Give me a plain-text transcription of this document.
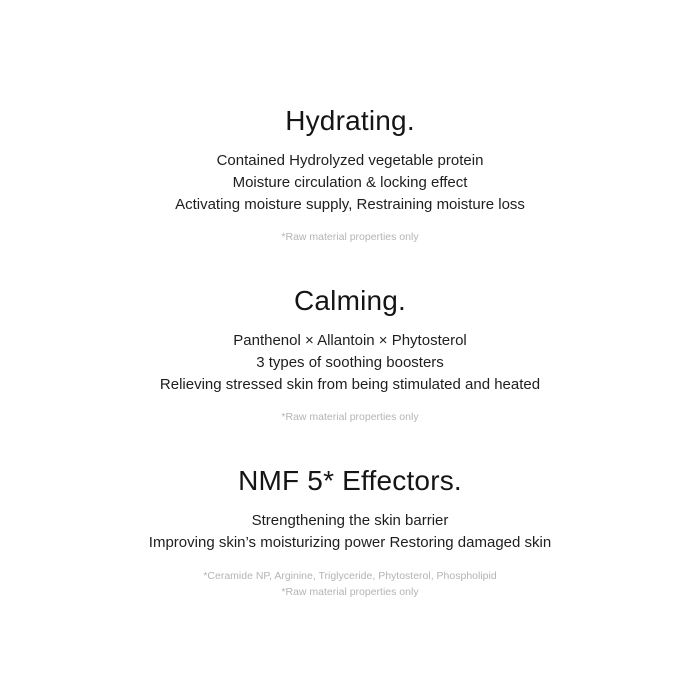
Hydrating.
Contained Hydrolyzed vegetable protein
Moisture circulation & locking effect
Activating moisture supply, Restraining moisture loss
*Raw material properties only
Calming.
Panthenol × Allantoin × Phytosterol
3 types of soothing boosters
Relieving stressed skin from being stimulated and heated
*Raw material properties only
NMF 5* Effectors.
Strengthening the skin barrier
Improving skin’s moisturizing power Restoring damaged skin
*Ceramide NP, Arginine, Triglyceride, Phytosterol, Phospholipid
*Raw material properties only
